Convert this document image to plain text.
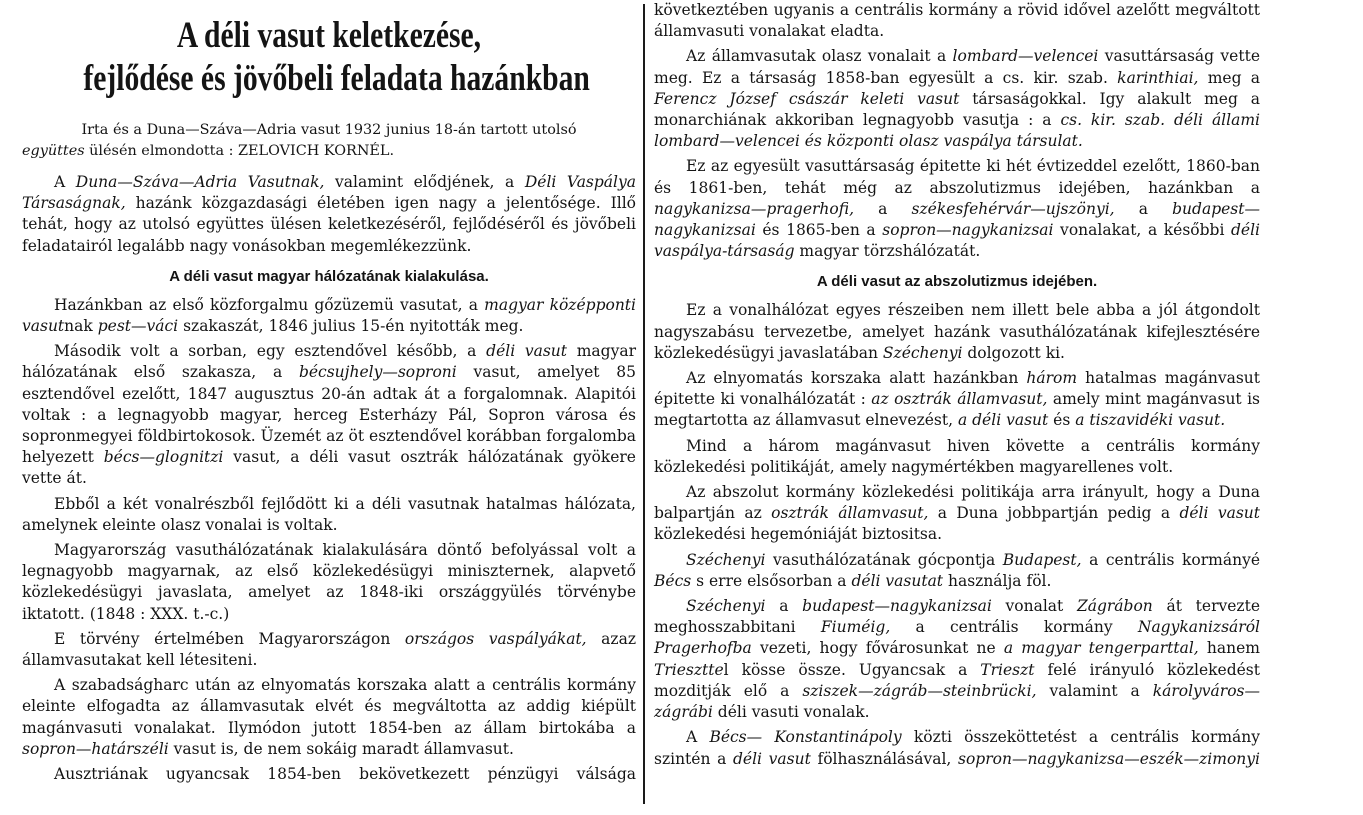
A déli vasut keletkezése,
fejlődése és jövőbeli feladata hazánkban
Irta és a Duna—Száva—Adria vasut 1932 junius 18-án tartott utolsó
együttes ülésén elmondotta : ZELOVICH KORNÉL.

A Duna—Száva—Adria Vasutnak, valamint elődjének, a Déli Vaspálya Társaságnak, hazánk közgazdasági életében igen nagy a jelentősége. Illő tehát, hogy az utolsó együttes ülésen keletkezéséről, fejlődéséről és jövőbeli feladatairól legalább nagy vonásokban megemlékezzünk.

A déli vasut magyar hálózatának kialakulása.

Hazánkban az első közforgalmu gőzüzemü vasutat, a magyar középponti vasutnak pest—váci szakaszát, 1846 julius 15-én nyitották meg.

Második volt a sorban, egy esztendővel később, a déli vasut magyar hálózatának első szakasza, a bécsujhely—soproni vasut, amelyet 85 esztendővel ezelőtt, 1847 augusztus 20-án adtak át a forgalomnak. Alapitói voltak : a legnagyobb magyar, herceg Esterházy Pál, Sopron városa és sopronmegyei földbirtokosok. Üzemét az öt esztendővel korábban forgalomba helyezett bécs—glognitzi vasut, a déli vasut osztrák hálózatának gyökere vette át.

Ebből a két vonalrészből fejlődött ki a déli vasutnak hatalmas hálózata, amelynek eleinte olasz vonalai is voltak.

Magyarország vasuthálózatának kialakulására döntő befolyással volt a legnagyobb magyarnak, az első közlekedésügyi miniszternek, alapvető közlekedésügyi javaslata, amelyet az 1848-iki országgyülés törvénybe iktatott. (1848 : XXX. t.-c.)

E törvény értelmében Magyarországon országos vaspályákat, azaz államvasutakat kell létesiteni.

A szabadságharc után az elnyomatás korszaka alatt a centrális kormány eleinte elfogadta az államvasutak elvét és megváltotta az addig kiépült magánvasuti vonalakat. Ilymódon jutott 1854-ben az állam birtokába a sopron—határszéli vasut is, de nem sokáig maradt államvasut.

Ausztriának ugyancsak 1854-ben bekövetkezett pénzügyi válsága

következtében ugyanis a centrális kormány a rövid idővel azelőtt megváltott államvasuti vonalakat eladta.

Az államvasutak olasz vonalait a lombard—velencei vasuttársaság vette meg. Ez a társaság 1858-ban egyesült a cs. kir. szab. karinthiai, meg a Ferencz József császár keleti vasut társaságokkal. Igy alakult meg a monarchiának akkoriban legnagyobb vasutja : a cs. kir. szab. déli állami lombard—velencei és központi olasz vaspálya társulat.

Ez az egyesült vasuttársaság épitette ki hét évtizeddel ezelőtt, 1860-ban és 1861-ben, tehát még az abszolutizmus idejében, hazánkban a nagykanizsa—pragerhofi, a székesfehérvár—ujszönyi, a budapest—nagykanizsai és 1865-ben a sopron—nagykanizsai vonalakat, a későbbi déli vaspálya-társaság magyar törzshálózatát.

A déli vasut az abszolutizmus idejében.

Ez a vonalhálózat egyes részeiben nem illett bele abba a jól átgondolt nagyszabásu tervezetbe, amelyet hazánk vasuthálózatának kifejlesztésére közlekedésügyi javaslatában Széchenyi dolgozott ki.

Az elnyomatás korszaka alatt hazánkban három hatalmas magánvasut épitette ki vonalhálózatát : az osztrák államvasut, amely mint magánvasut is megtartotta az államvasut elnevezést, a déli vasut és a tiszavidéki vasut.

Mind a három magánvasut hiven követte a centrális kormány közlekedési politikáját, amely nagymértékben magyarellenes volt.

Az abszolut kormány közlekedési politikája arra irányult, hogy a Duna balpartján az osztrák államvasut, a Duna jobbpartján pedig a déli vasut közlekedési hegemóniáját biztositsa.

Széchenyi vasuthálózatának gócpontja Budapest, a centrális kormányé Bécs s erre elsősorban a déli vasutat használja föl.

Széchenyi a budapest—nagykanizsai vonalat Zágrábon át tervezte meghosszabbitani Fiuméig, a centrális kormány Nagykanizsáról Pragerhofba vezeti, hogy fővárosunkat ne a magyar tengerparttal, hanem Trieszttel kösse össze. Ugyancsak a Trieszt felé irányuló közlekedést mozditják elő a sziszek—zágráb—steinbrücki, valamint a károlyváros—zágrábi déli vasuti vonalak.

A Bécs— Konstantinápoly közti összeköttetést a centrális kormány szintén a déli vasut fölhasználásával, sopron—nagykanizsa—eszék—zimonyi
